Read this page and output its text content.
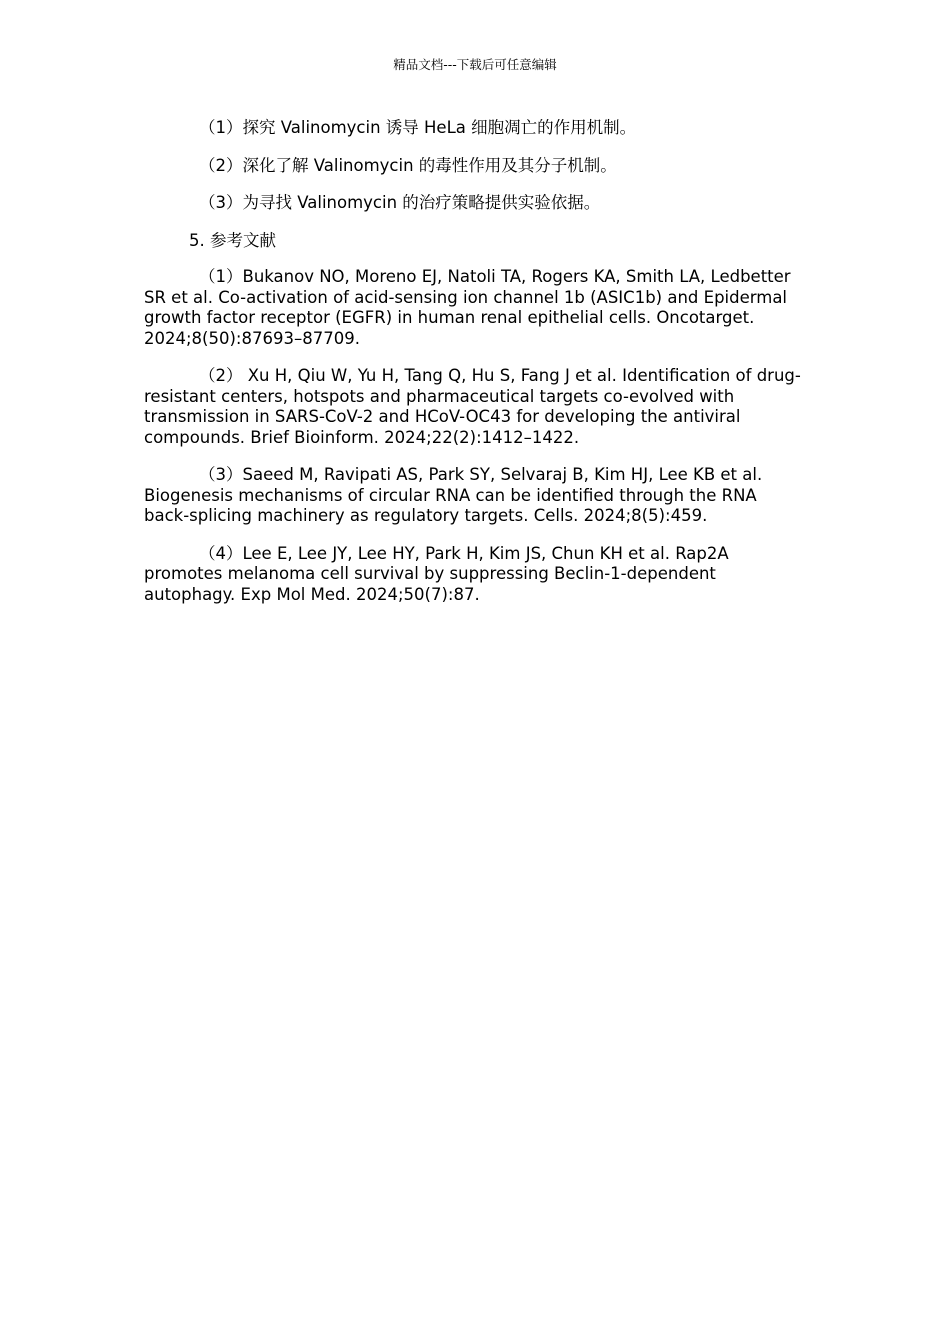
精品文档---下载后可任意编辑

（1）探究 Valinomycin 诱导 HeLa 细胞凋亡的作用机制。

（2）深化了解 Valinomycin 的毒性作用及其分子机制。

（3）为寻找 Valinomycin 的治疗策略提供实验依据。

5. 参考文献

（1）Bukanov NO, Moreno EJ, Natoli TA, Rogers KA, Smith LA, Ledbetter SR et al. Co-activation of acid-sensing ion channel 1b (ASIC1b) and Epidermal growth factor receptor (EGFR) in human renal epithelial cells. Oncotarget. 2024;8(50):87693–87709.

（2） Xu H, Qiu W, Yu H, Tang Q, Hu S, Fang J et al. Identification of drug-resistant centers, hotspots and pharmaceutical targets co-evolved with transmission in SARS-CoV-2 and HCoV-OC43 for developing the antiviral compounds. Brief Bioinform. 2024;22(2):1412–1422.

（3）Saeed M, Ravipati AS, Park SY, Selvaraj B, Kim HJ, Lee KB et al. Biogenesis mechanisms of circular RNA can be identified through the RNA back-splicing machinery as regulatory targets. Cells. 2024;8(5):459.

（4）Lee E, Lee JY, Lee HY, Park H, Kim JS, Chun KH et al. Rap2A promotes melanoma cell survival by suppressing Beclin-1-dependent autophagy. Exp Mol Med. 2024;50(7):87.
